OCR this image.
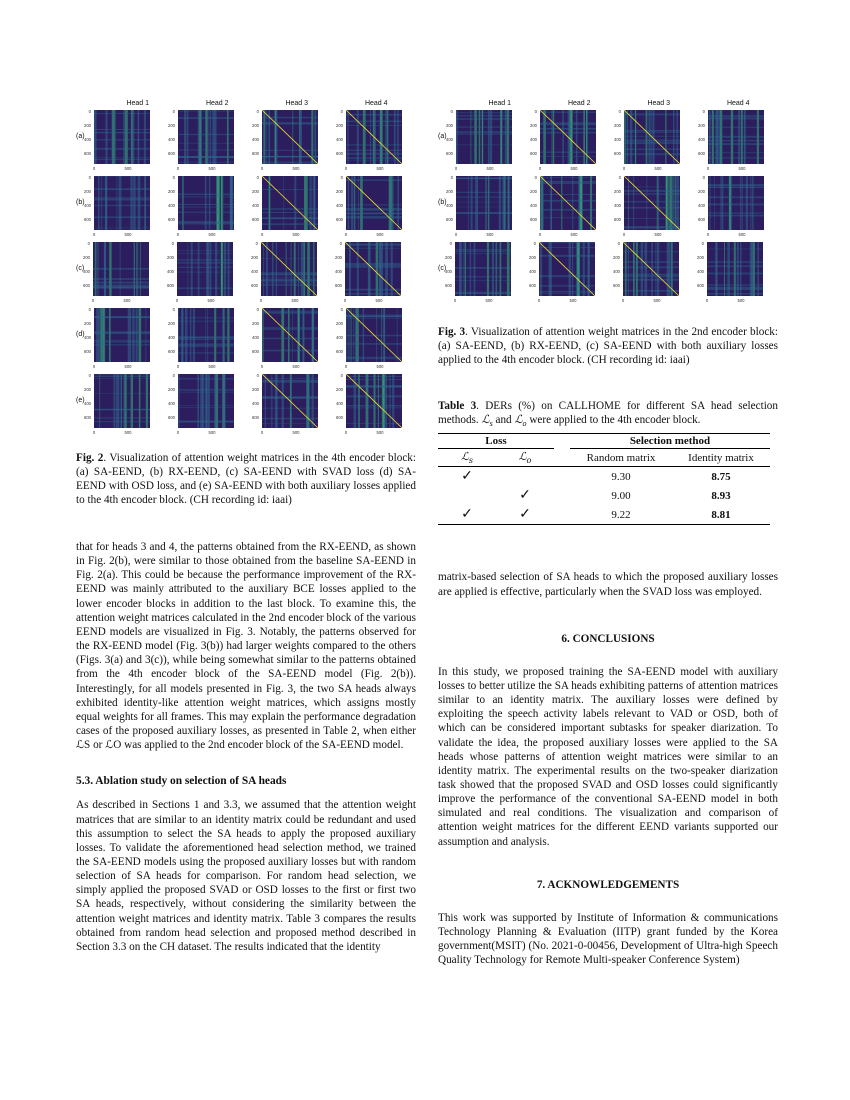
Head 1	Head 2	Head 3	Head 4
(a)
0
200
400
600
0	500
0
200
400
600
0	500
0
200
400
600
0	500
0
200
400
600
0	500
(b)
0
200
400
600
0	500
0
200
400
600
0	500
0
200
400
600
0	500
0
200
400
600
0	500
(c)
0
200
400
600
0	500
0
200
400
600
0	500
0
200
400
600
0	500
0
200
400
600
0	500
(d)
0
200
400
600
0	500
0
200
400
600
0	500
0
200
400
600
0	500
0
200
400
600
0	500
(e)
0
200
400
600
0	500
0
200
400
600
0	500
0
200
400
600
0	500
0
200
400
600
0	500

Fig. 2. Visualization of attention weight matrices in the 4th encoder block: (a) SA-EEND, (b) RX-EEND, (c) SA-EEND with SVAD loss (d) SA-EEND with OSD loss, and (e) SA-EEND with both auxiliary losses applied to the 4th encoder block. (CH recording id: iaai)

that for heads 3 and 4, the patterns obtained from the RX-EEND, as shown in Fig. 2(b), were similar to those obtained from the baseline SA-EEND in Fig. 2(a). This could be because the performance improvement of the RX-EEND was mainly attributed to the auxiliary BCE losses applied to the lower encoder blocks in addition to the last block. To examine this, the attention weight matrices calculated in the 2nd encoder block of the various EEND models are visualized in Fig. 3. Notably, the patterns observed for the RX-EEND model (Fig. 3(b)) had larger weights compared to the others (Figs. 3(a) and 3(c)), while being somewhat similar to the patterns obtained from the 4th encoder block of the SA-EEND model (Fig. 2(b)). Interestingly, for all models presented in Fig. 3, the two SA heads always exhibited identity-like attention weight matrices, which assigns mostly equal weights for all frames. This may explain the performance degradation cases of the proposed auxiliary losses, as presented in Table 2, when either ℒS or ℒO was applied to the 2nd encoder block of the SA-EEND model.

5.3. Ablation study on selection of SA heads

As described in Sections 1 and 3.3, we assumed that the attention weight matrices that are similar to an identity matrix could be redundant and used this assumption to select the SA heads to apply the proposed auxiliary losses. To validate the aforementioned head selection method, we trained the SA-EEND models using the proposed auxiliary losses but with random selection of SA heads for comparison. For random head selection, we simply applied the proposed SVAD or OSD losses to the first or first two SA heads, respectively, without considering the similarity between the attention weight matrices and identity matrix. Table 3 compares the results obtained from random head selection and proposed method described in Section 3.3 on the CH dataset. The results indicated that the identity

Head 1	Head 2	Head 3	Head 4
(a)
0
200
400
600
0	500
0
200
400
600
0	500
0
200
400
600
0	500
0
200
400
600
0	500
(b)
0
200
400
600
0	500
0
200
400
600
0	500
0
200
400
600
0	500
0
200
400
600
0	500
(c)
0
200
400
600
0	500
0
200
400
600
0	500
0
200
400
600
0	500
0
200
400
600
0	500

Fig. 3. Visualization of attention weight matrices in the 2nd encoder block: (a) SA-EEND, (b) RX-EEND, (c) SA-EEND with both auxiliary losses applied to the 4th encoder block. (CH recording id: iaai)

Table 3. DERs (%) on CALLHOME for different SA head selection methods. ℒ$_s$ and ℒ$_o$ were applied to the 4th encoder block.

Loss			Selection method	
ℒ$_s$	ℒ$_o$		Random matrix	Identity matrix
✓			9.30	8.75
	✓		9.00	8.93
✓	✓		9.22	8.81

matrix-based selection of SA heads to which the proposed auxiliary losses are applied is effective, particularly when the SVAD loss was employed.

6. CONCLUSIONS

In this study, we proposed training the SA-EEND model with auxiliary losses to better utilize the SA heads exhibiting patterns of attention matrices similar to an identity matrix. The auxiliary losses were defined by exploiting the speech activity labels relevant to VAD or OSD, both of which can be considered important subtasks for speaker diarization. To validate the idea, the proposed auxiliary losses were applied to the SA heads whose patterns of attention weight matrices were similar to an identity matrix. The experimental results on the two-speaker diarization task showed that the proposed SVAD and OSD losses could significantly improve the performance of the conventional SA-EEND model in both simulated and real conditions. The visualization and comparison of attention weight matrices for the different EEND variants supported our assumption and analysis.

7. ACKNOWLEDGEMENTS

This work was supported by Institute of Information & communications Technology Planning & Evaluation (IITP) grant funded by the Korea government(MSIT) (No. 2021-0-00456, Development of Ultra-high Speech Quality Technology for Remote Multi-speaker Conference System)
